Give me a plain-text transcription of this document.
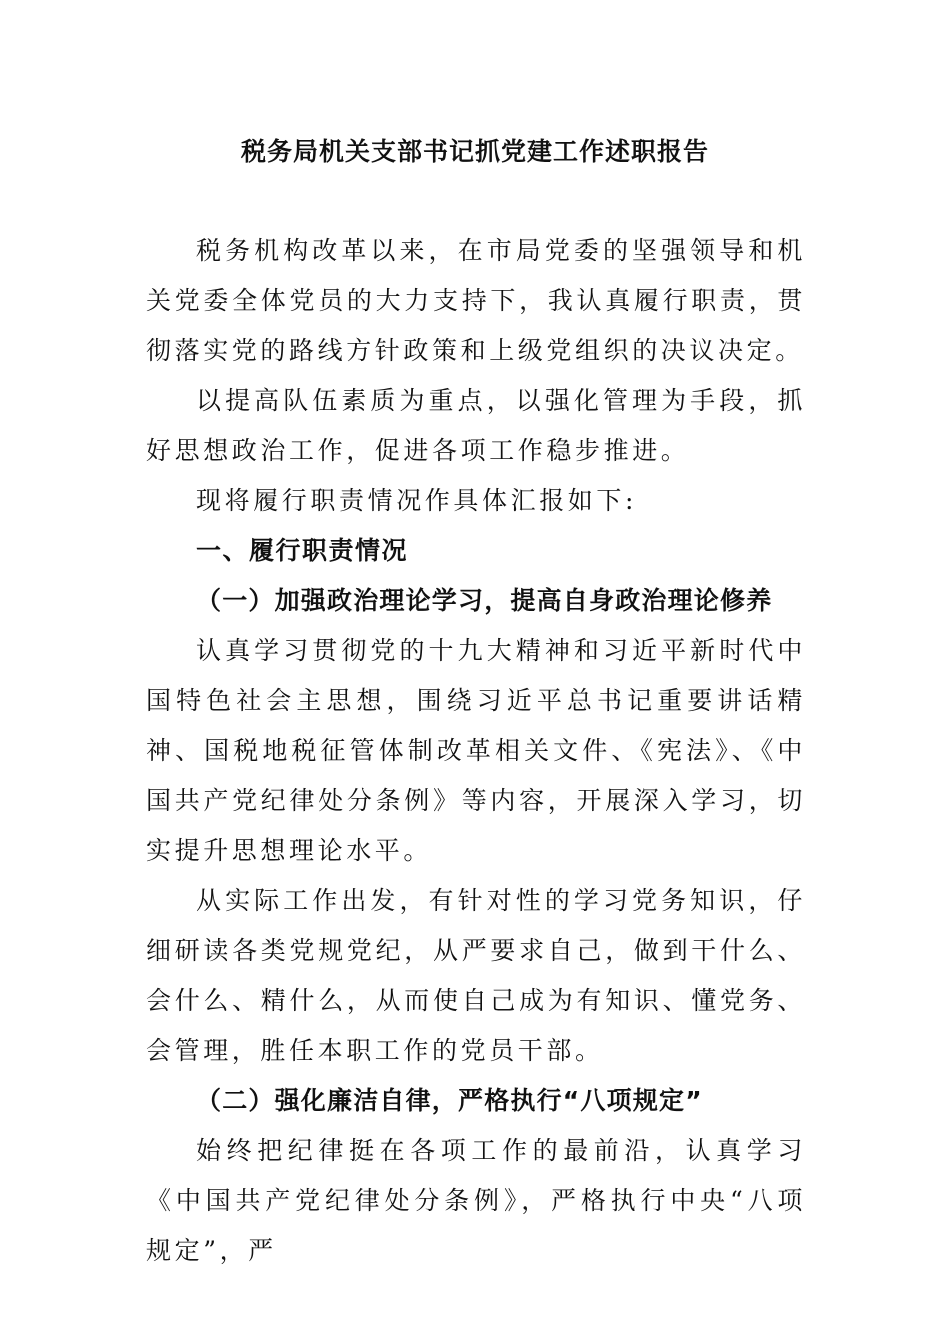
税务局机关支部书记抓党建工作述职报告

税务机构改革以来，在市局党委的坚强领导和机关党委全体党员的大力支持下，我认真履行职责，贯彻落实党的路线方针政策和上级党组织的决议决定。

以提高队伍素质为重点，以强化管理为手段，抓好思想政治工作，促进各项工作稳步推进。

现将履行职责情况作具体汇报如下:

一、履行职责情况

（一）加强政治理论学习，提高自身政治理论修养

认真学习贯彻党的十九大精神和习近平新时代中国特色社会主思想，围绕习近平总书记重要讲话精神、国税地税征管体制改革相关文件、《宪法》、《中国共产党纪律处分条例》等内容，开展深入学习，切实提升思想理论水平。

从实际工作出发，有针对性的学习党务知识，仔细研读各类党规党纪，从严要求自己，做到干什么、会什么、精什么，从而使自己成为有知识、懂党务、会管理，胜任本职工作的党员干部。

（二）强化廉洁自律，严格执行“八项规定”

始终把纪律挺在各项工作的最前沿，认真学习《中国共产党纪律处分条例》，严格执行中央“八项规定”，严
